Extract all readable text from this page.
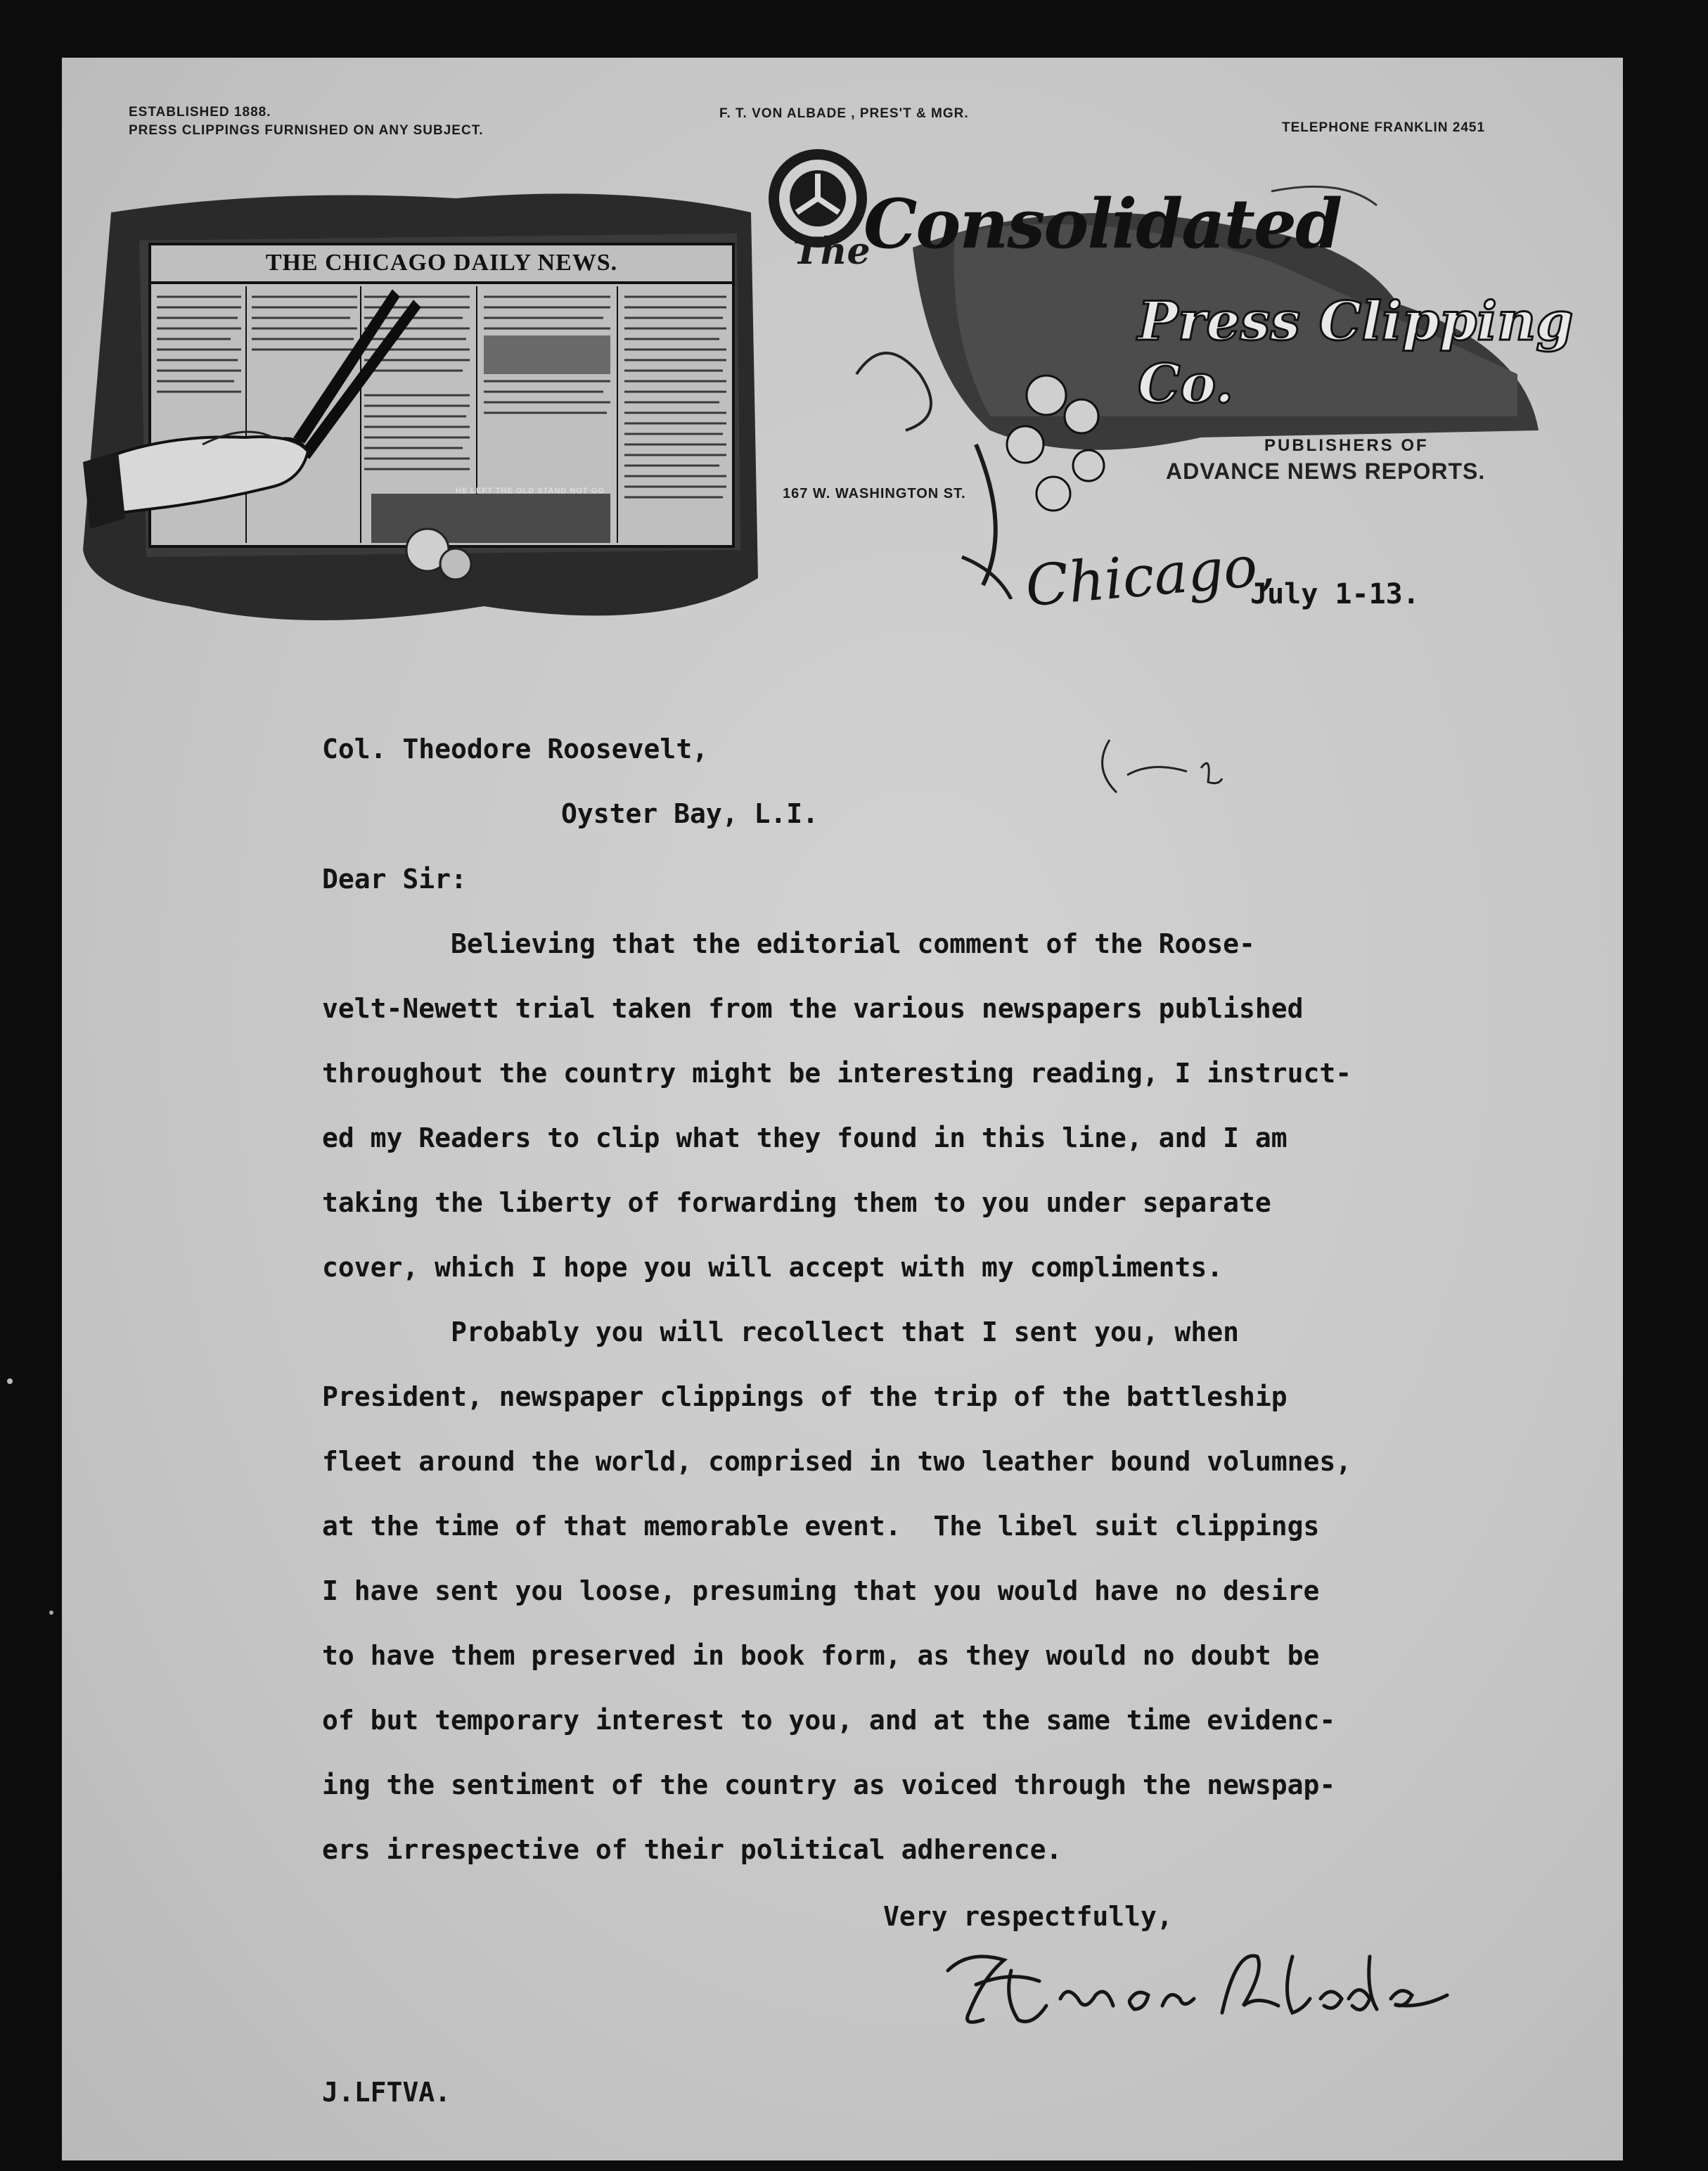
ESTABLISHED 1888.
PRESS CLIPPINGS FURNISHED ON ANY SUBJECT.
F. T. VON ALBADE , PRES'T & MGR.
TELEPHONE FRANKLIN 2451
THE CHICAGO DAILY NEWS.
HE LEFT THE OLD STAND NOT GO
The
Consolidated
Press Clipping Co.
167 W. WASHINGTON ST.
PUBLISHERS OF
ADVANCE NEWS REPORTS.
Chicago,
July 1-13.
Col. Theodore Roosevelt,
Oyster Bay, L.I.
Dear Sir:
Believing that the editorial comment of the Roose-
velt-Newett trial taken from the various newspapers published
throughout the country might be interesting reading, I instruct-
ed my Readers to clip what they found in this line, and I am
taking the liberty of forwarding them to you under separate
cover, which I hope you will accept with my compliments.
Probably you will recollect that I sent you, when
President, newspaper clippings of the trip of the battleship
fleet around the world, comprised in two leather bound volumnes,
at the time of that memorable event.  The libel suit clippings
I have sent you loose, presuming that you would have no desire
to have them preserved in book form, as they would no doubt be
of but temporary interest to you, and at the same time evidenc-
ing the sentiment of the country as voiced through the newspap-
ers irrespective of their political adherence.
Very respectfully,
J.LFTVA.
